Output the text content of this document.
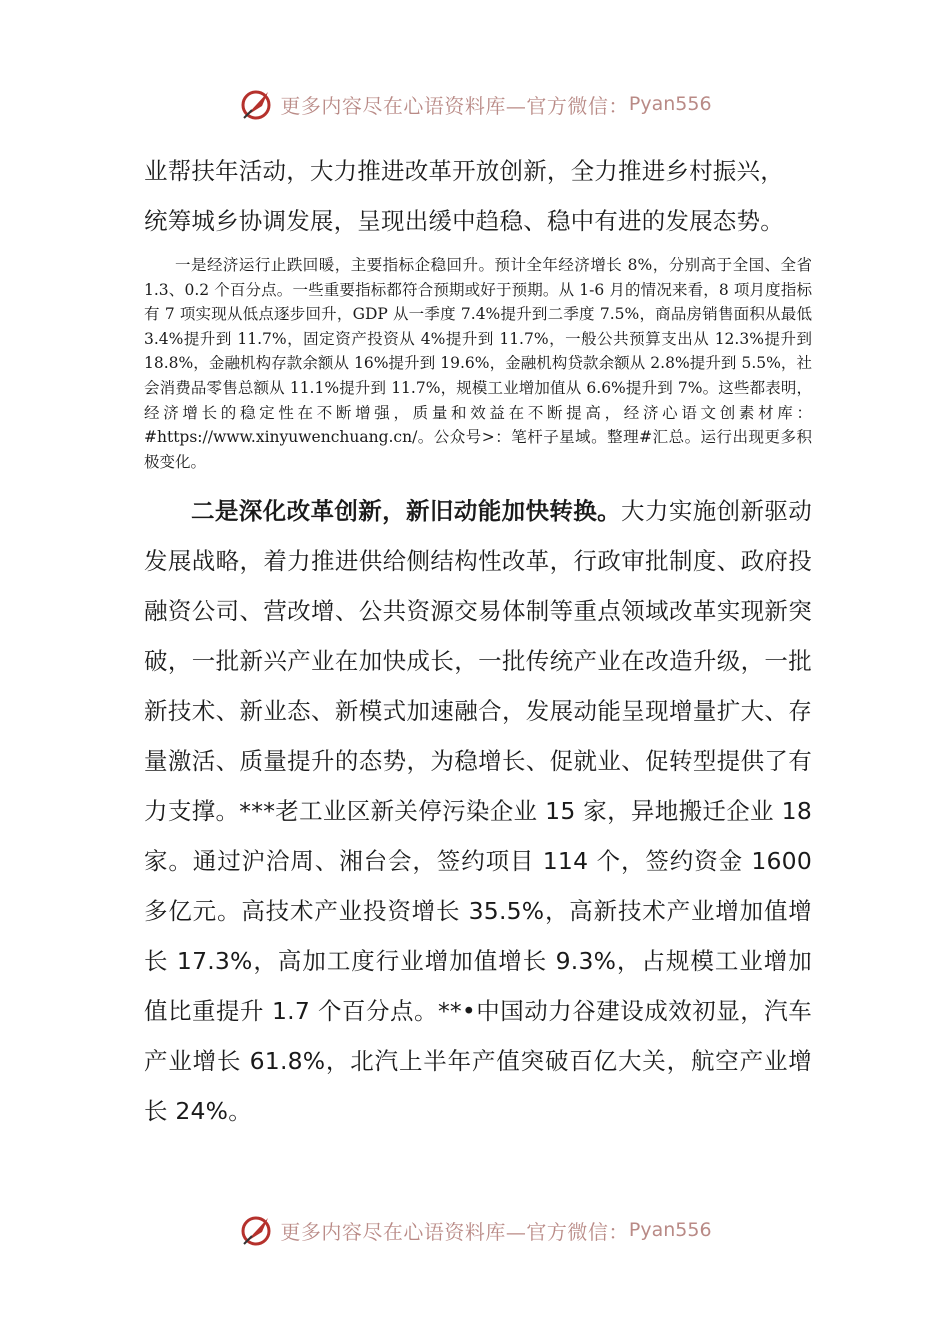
更多内容尽在心语资料库—官方微信： Pyan556

业帮扶年活动，大力推进改革开放创新，全力推进乡村振兴，

统筹城乡协调发展，呈现出缓中趋稳、稳中有进的发展态势。

一是经济运行止跌回暖，主要指标企稳回升。预计全年经济增长 8%，分别高于全国、全省 1.3、0.2 个百分点。一些重要指标都符合预期或好于预期。从 1-6 月的情况来看，8 项月度指标有 7 项实现从低点逐步回升，GDP 从一季度 7.4%提升到二季度 7.5%，商品房销售面积从最低 3.4%提升到 11.7%，固定资产投资从 4%提升到 11.7%，一般公共预算支出从 12.3%提升到 18.8%，金融机构存款余额从 16%提升到 19.6%，金融机构贷款余额从 2.8%提升到 5.5%，社会消费品零售总额从 11.1%提升到 11.7%，规模工业增加值从 6.6%提升到 7%。这些都表明，经济增长的稳定性在不断增强，质量和效益在不断提高，经济心语文创素材库：#https://www.xinyuwenchuang.cn/。公众号>：笔杆子星域。整理#汇总。运行出现更多积极变化。

二是深化改革创新，新旧动能加快转换。大力实施创新驱动发展战略，着力推进供给侧结构性改革，行政审批制度、政府投融资公司、营改增、公共资源交易体制等重点领域改革实现新突破，一批新兴产业在加快成长，一批传统产业在改造升级，一批新技术、新业态、新模式加速融合，发展动能呈现增量扩大、存量激活、质量提升的态势，为稳增长、促就业、促转型提供了有力支撑。***老工业区新关停污染企业 15 家，异地搬迁企业 18 家。通过沪洽周、湘台会，签约项目 114 个，签约资金 1600 多亿元。高技术产业投资增长 35.5%，高新技术产业增加值增长 17.3%，高加工度行业增加值增长 9.3%，占规模工业增加值比重提升 1.7 个百分点。**•中国动力谷建设成效初显，汽车产业增长 61.8%，北汽上半年产值突破百亿大关，航空产业增长 24%。

更多内容尽在心语资料库—官方微信： Pyan556
